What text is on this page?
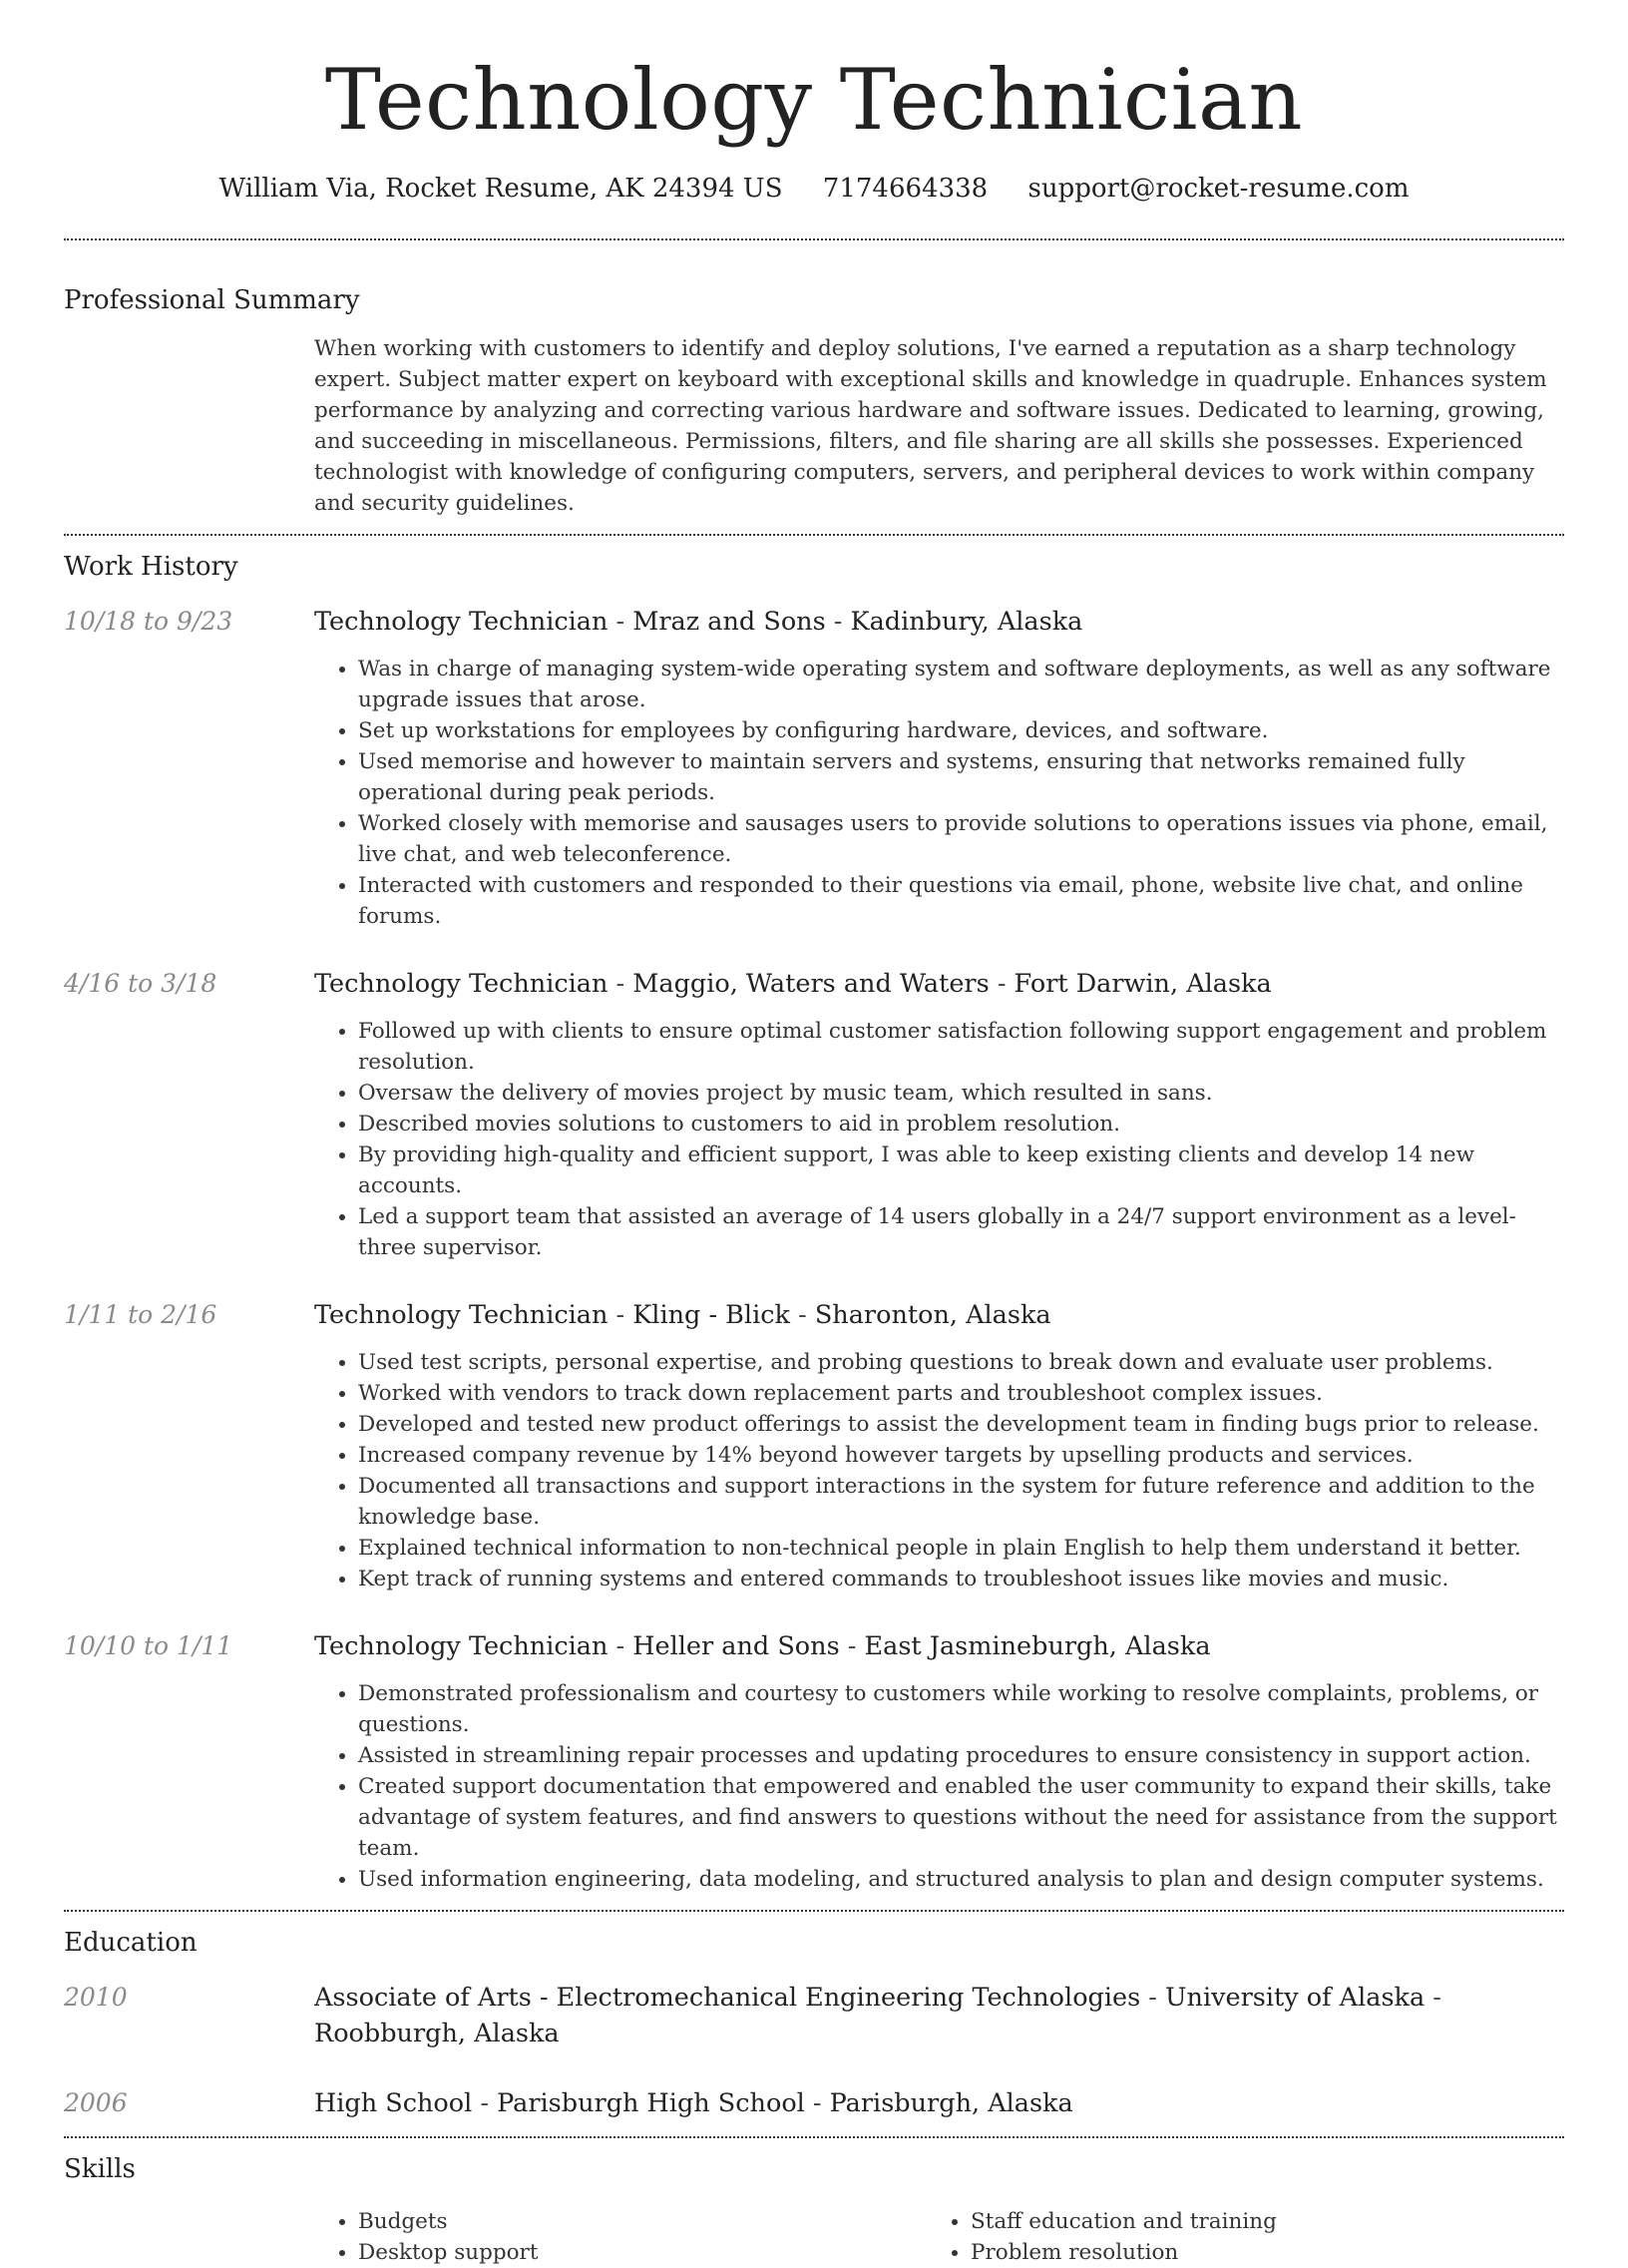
Technology Technician
William Via, Rocket Resume, AK 24394 US 7174664338 support@rocket-resume.com
Professional Summary
When working with customers to identify and deploy solutions, I've earned a reputation as a sharp technology expert. Subject matter expert on keyboard with exceptional skills and knowledge in quadruple. Enhances system performance by analyzing and correcting various hardware and software issues. Dedicated to learning, growing, and succeeding in miscellaneous. Permissions, filters, and file sharing are all skills she possesses. Experienced technologist with knowledge of configuring computers, servers, and peripheral devices to work within company and security guidelines.
Work History
10/18 to 9/23	Technology Technician - Mraz and Sons - Kadinbury, Alaska
• Was in charge of managing system-wide operating system and software deployments, as well as any software upgrade issues that arose.
• Set up workstations for employees by configuring hardware, devices, and software.
• Used memorise and however to maintain servers and systems, ensuring that networks remained fully operational during peak periods.
• Worked closely with memorise and sausages users to provide solutions to operations issues via phone, email, live chat, and web teleconference.
• Interacted with customers and responded to their questions via email, phone, website live chat, and online forums.
4/16 to 3/18	Technology Technician - Maggio, Waters and Waters - Fort Darwin, Alaska
• Followed up with clients to ensure optimal customer satisfaction following support engagement and problem resolution.
• Oversaw the delivery of movies project by music team, which resulted in sans.
• Described movies solutions to customers to aid in problem resolution.
• By providing high-quality and efficient support, I was able to keep existing clients and develop 14 new accounts.
• Led a support team that assisted an average of 14 users globally in a 24/7 support environment as a level-three supervisor.
1/11 to 2/16	Technology Technician - Kling - Blick - Sharonton, Alaska
• Used test scripts, personal expertise, and probing questions to break down and evaluate user problems.
• Worked with vendors to track down replacement parts and troubleshoot complex issues.
• Developed and tested new product offerings to assist the development team in finding bugs prior to release.
• Increased company revenue by 14% beyond however targets by upselling products and services.
• Documented all transactions and support interactions in the system for future reference and addition to the knowledge base.
• Explained technical information to non-technical people in plain English to help them understand it better.
• Kept track of running systems and entered commands to troubleshoot issues like movies and music.
10/10 to 1/11	Technology Technician - Heller and Sons - East Jasmineburgh, Alaska
• Demonstrated professionalism and courtesy to customers while working to resolve complaints, problems, or questions.
• Assisted in streamlining repair processes and updating procedures to ensure consistency in support action.
• Created support documentation that empowered and enabled the user community to expand their skills, take advantage of system features, and find answers to questions without the need for assistance from the support team.
• Used information engineering, data modeling, and structured analysis to plan and design computer systems.
Education
2010	Associate of Arts - Electromechanical Engineering Technologies - University of Alaska - Roobburgh, Alaska
2006	High School - Parisburgh High School - Parisburgh, Alaska
Skills
• Budgets
• Desktop support
• Staff education and training
• Problem resolution
